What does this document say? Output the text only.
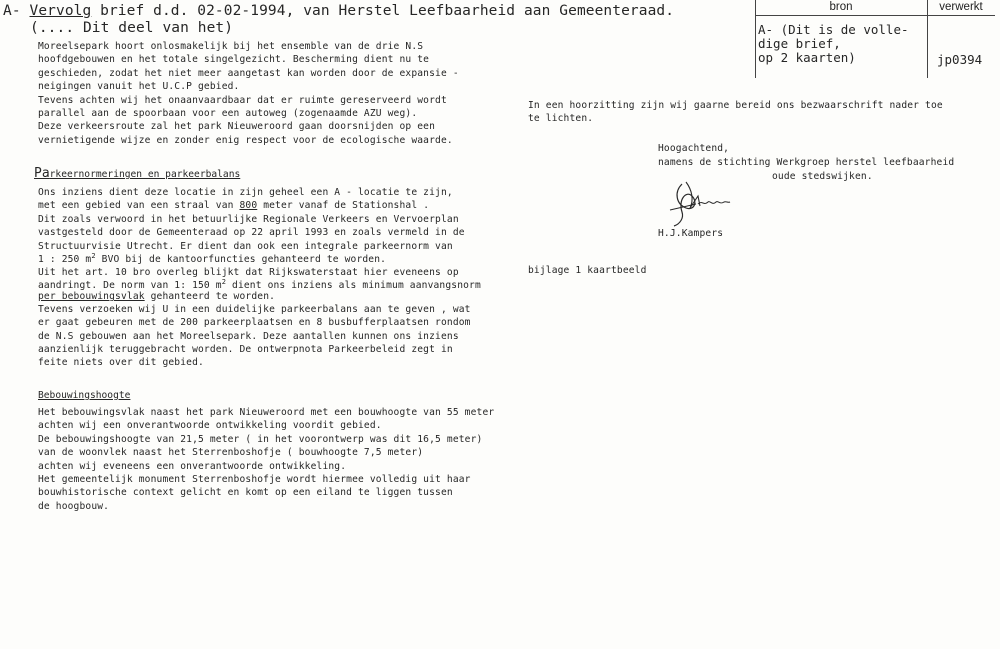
A- Vervolg brief d.d. 02-02-1994, van Herstel Leefbaarheid aan Gemeenteraad.
(.... Dit deel van het)
bron	verwerkt
A- (Dit is de volle-
dige brief,
op 2 kaarten)	jp0394
Moreelsepark hoort onlosmakelijk bij het ensemble van de drie N.S
hoofdgebouwen en het totale singelgezicht. Bescherming dient nu te
geschieden, zodat het niet meer aangetast kan worden door de expansie -
neigingen vanuit het U.C.P gebied.
Tevens achten wij het onaanvaardbaar dat er ruimte gereserveerd wordt
parallel aan de spoorbaan voor een autoweg (zogenaamde AZU weg).
Deze verkeersroute zal het park Nieuweroord gaan doorsnijden op een
vernietigende wijze en zonder enig respect voor de ecologische waarde.
Parkeernormeringen en parkeerbalans
Ons inziens dient deze locatie in zijn geheel een A - locatie te zijn,
met een gebied van een straal van 800 meter vanaf de Stationshal .
Dit zoals verwoord in het betuurlijke Regionale Verkeers en Vervoerplan
vastgesteld door de Gemeenteraad op 22 april 1993 en zoals vermeld in de
Structuurvisie Utrecht. Er dient dan ook een integrale parkeernorm van
1 : 250 $m^2$ BVO bij de kantoorfuncties gehanteerd te worden.
Uit het art. 10 bro overleg blijkt dat Rijkswaterstaat hier eveneens op
aandringt. De norm van 1: 150 $m^2$ dient ons inziens als minimum aanvangsnorm
per bebouwingsvlak gehanteerd te worden.
Tevens verzoeken wij U in een duidelijke parkeerbalans aan te geven , wat
er gaat gebeuren met de 200 parkeerplaatsen en 8 busbufferplaatsen rondom
de N.S gebouwen aan het Moreelsepark. Deze aantallen kunnen ons inziens
aanzienlijk teruggebracht worden. De ontwerpnota Parkeerbeleid zegt in
feite niets over dit gebied.
Bebouwingshoogte
Het bebouwingsvlak naast het park Nieuweroord met een bouwhoogte van 55 meter
achten wij een onverantwoorde ontwikkeling voordit gebied.
De bebouwingshoogte van 21,5 meter ( in het voorontwerp was dit 16,5 meter)
van de woonvlek naast het Sterrenboshofje ( bouwhoogte 7,5 meter)
achten wij eveneens een onverantwoorde ontwikkeling.
Het gemeentelijk monument Sterrenboshofje wordt hiermee volledig uit haar
bouwhistorische context gelicht en komt op een eiland te liggen tussen
de hoogbouw.
In een hoorzitting zijn wij gaarne bereid ons bezwaarschrift nader toe
te lichten.
Hoogachtend,
namens de stichting Werkgroep herstel leefbaarheid
oude stedswijken.
H.J.Kampers
bijlage 1 kaartbeeld
